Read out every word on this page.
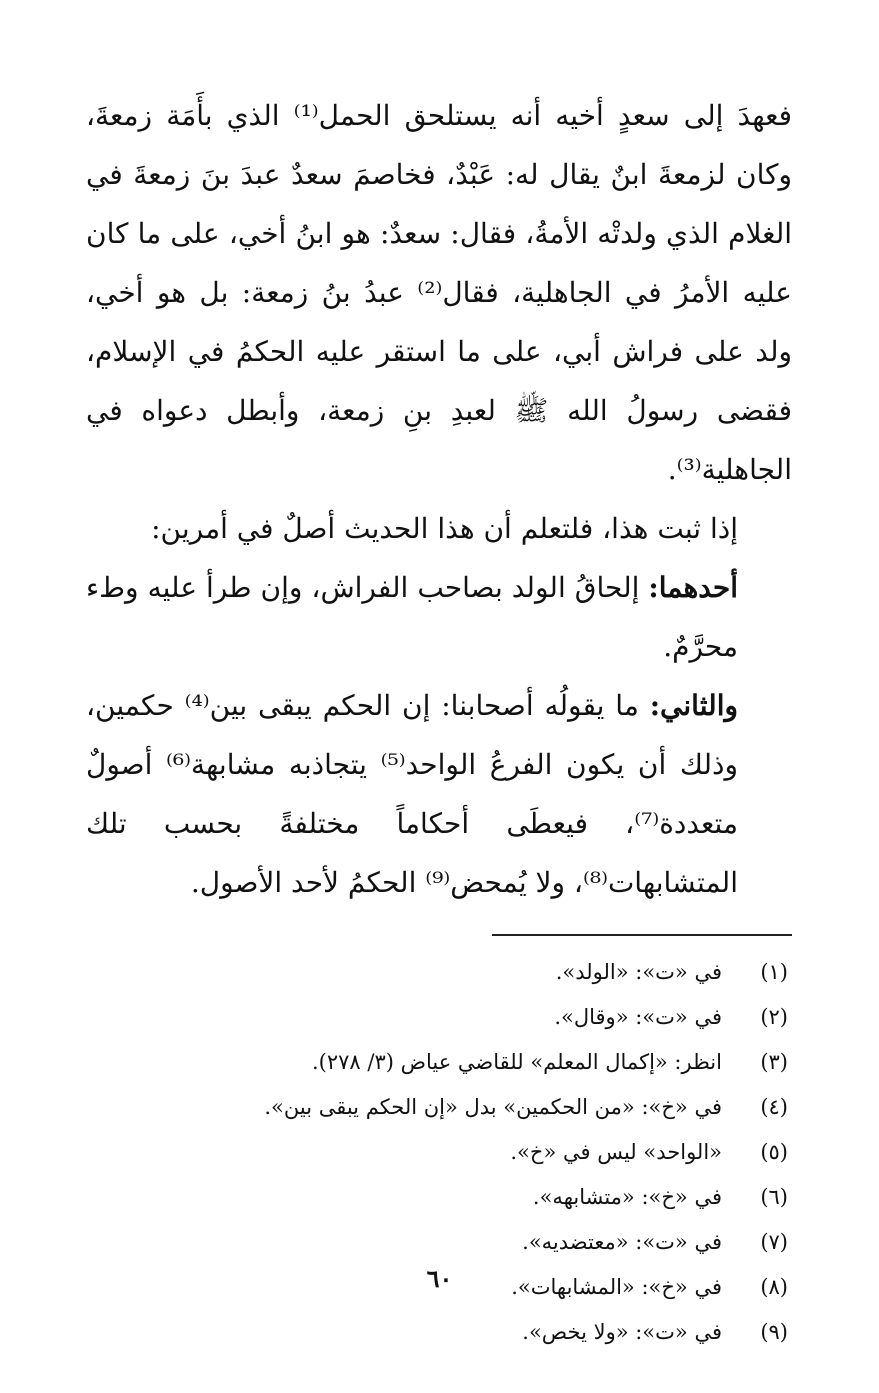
فعهدَ إلى سعدٍ أخيه أنه يستلحق الحمل⁽¹⁾ الذي بأَمَة زمعةَ، وكان لزمعةَ ابنٌ يقال له: عَبْدٌ، فخاصمَ سعدٌ عبدَ بنَ زمعةَ في الغلام الذي ولدتْه الأمةُ، فقال: سعدٌ: هو ابنُ أخي، على ما كان عليه الأمرُ في الجاهلية، فقال⁽²⁾ عبدُ بنُ زمعة: بل هو أخي، ولد على فراش أبي، على ما استقر عليه الحكمُ في الإسلام، فقضى رسولُ الله ﷺ لعبدِ بنِ زمعة، وأبطل دعواه في الجاهلية⁽³⁾.

إذا ثبت هذا، فلتعلم أن هذا الحديث أصلٌ في أمرين:

أحدهما: إلحاقُ الولد بصاحب الفراش، وإن طرأ عليه وطء محرَّمٌ.

والثاني: ما يقولُه أصحابنا: إن الحكم يبقى بين⁽⁴⁾ حكمين، وذلك أن يكون الفرعُ الواحد⁽⁵⁾ يتجاذبه مشابهة⁽⁶⁾ أصولٌ متعددة⁽⁷⁾، فيعطَى أحكاماً مختلفةً بحسب تلك المتشابهات⁽⁸⁾، ولا يُمحض⁽⁹⁾ الحكمُ لأحد الأصول.

(١)
في «ت»: «الولد».
(٢)
في «ت»: «وقال».
(٣)
انظر: «إكمال المعلم» للقاضي عياض (٣/ ٢٧٨).
(٤)
في «خ»: «من الحكمين» بدل «إن الحكم يبقى بين».
(٥)
«الواحد» ليس في «خ».
(٦)
في «خ»: «متشابهه».
(٧)
في «ت»: «معتضديه».
(٨)
في «خ»: «المشابهات».
(٩)
في «ت»: «ولا يخص».
٦٠
